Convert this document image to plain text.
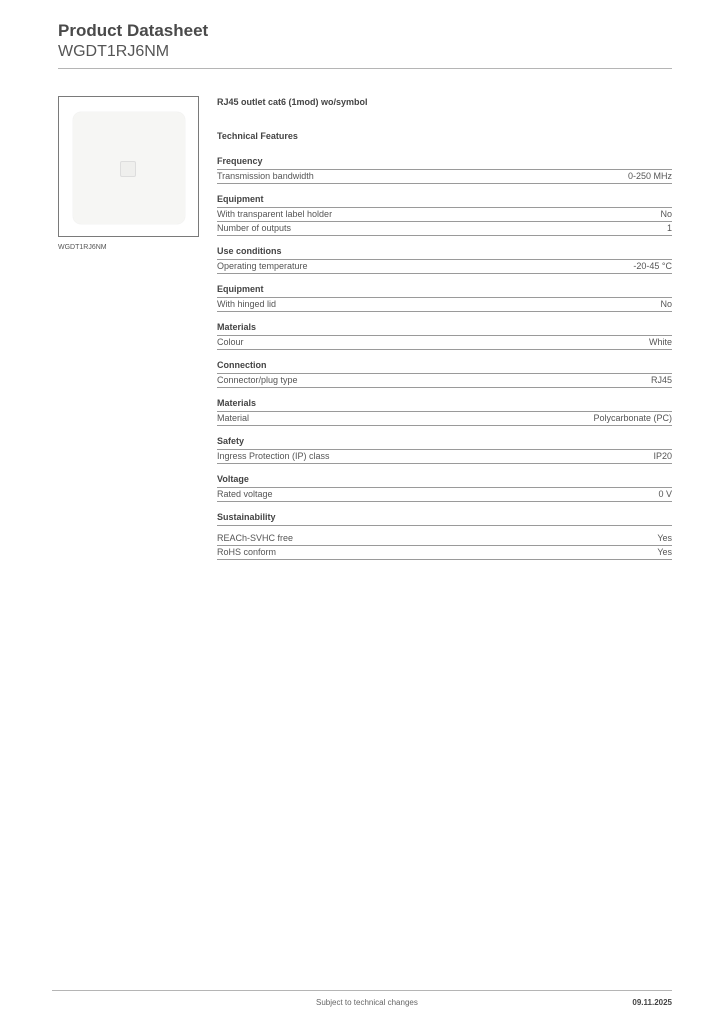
Product Datasheet
WGDT1RJ6NM
WGDT1RJ6NM
RJ45 outlet cat6 (1mod) wo/symbol
Technical Features
Frequency
Transmission bandwidth	0-250 MHz
Equipment
With transparent label holder	No
Number of outputs	1
Use conditions
Operating temperature	-20-45 °C
Equipment
With hinged lid	No
Materials
Colour	White
Connection
Connector/plug type	RJ45
Materials
Material	Polycarbonate (PC)
Safety
Ingress Protection (IP) class	IP20
Voltage
Rated voltage	0 V
Sustainability
REACh-SVHC free	Yes
RoHS conform	Yes
Subject to technical changes	09.11.2025
